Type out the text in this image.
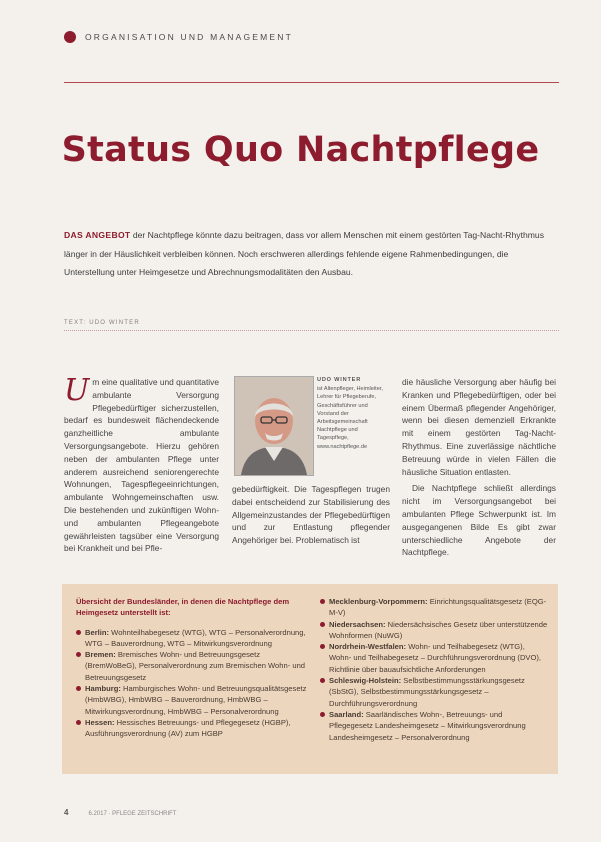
ORGANISATION UND MANAGEMENT
Status Quo Nachtpflege
DAS ANGEBOT der Nachtpflege könnte dazu beitragen, dass vor allem Menschen mit einem gestörten Tag-Nacht-Rhythmus länger in der Häuslichkeit verbleiben können. Noch erschweren allerdings fehlende eigene Rahmenbedingungen, die Unterstellung unter Heimgesetze und Abrechnungsmodalitäten den Ausbau.
TEXT: UDO WINTER
Um eine qualitative und quantitative ambulante Versorgung Pflegebedürftiger sicherzustellen, bedarf es bundesweit flächendeckende ganzheitliche ambulante Versorgungsangebote. Hierzu gehören neben der ambulanten Pflege unter anderem ausreichend seniorengerechte Wohnungen, Tagespflegeeinrichtungen, ambulante Wohngemeinschaften usw. Die bestehenden und zukünftigen Wohn- und ambulanten Pflegeangebote gewährleisten tagsüber eine Versorgung bei Krankheit und bei Pfle-
UDO WINTER
ist Altenpfleger, Heimleiter, Lehrer für Pflegeberufe, Geschäftsführer und Vorstand der Arbeitsgemeinschaft Nachtpflege und Tagespflege, www.nachtpflege.de
gebedürftigkeit. Die Tagespflegen trugen dabei entscheidend zur Stabilisierung des Allgemeinzustandes der Pflegebedürftigen und zur Entlastung pflegender Angehöriger bei. Problematisch ist
die häusliche Versorgung aber häufig bei Kranken und Pflegebedürftigen, oder bei einem Übermaß pflegender Angehöriger, wenn bei diesen demenziell Erkrankte mit einem gestörten Tag-Nacht-Rhythmus. Eine zuverlässige nächtliche Betreuung würde in vielen Fällen die häusliche Situation entlasten.
Die Nachtpflege schließt allerdings nicht im Versorgungsangebot bei ambulanten Pflege Schwerpunkt ist. Im ausgegangenen Bilde Es gibt zwar unterschiedliche Angebote der Nachtpflege.
Übersicht der Bundesländer, in denen die Nachtpflege dem Heimgesetz unterstellt ist:
Berlin: Wohnteilhabegesetz (WTG), WTG – Personalverordnung, WTG – Bauverordnung, WTG – Mitwirkungsverordnung
Bremen: Bremisches Wohn- und Betreuungsgesetz (BremWoBeG), Personalverordnung zum Bremischen Wohn- und Betreuungsgesetz
Hamburg: Hamburgisches Wohn- und Betreuungsqualitätsgesetz (HmbWBG), HmbWBG – Bauverordnung, HmbWBG – Mitwirkungsverordnung, HmbWBG – Personalverordnung
Hessen: Hessisches Betreuungs- und Pflegegesetz (HGBP), Ausführungsverordnung (AV) zum HGBP
Mecklenburg-Vorpommern: Einrichtungsqualitätsgesetz (EQG-M-V)
Niedersachsen: Niedersächsisches Gesetz über unterstützende Wohnformen (NuWG)
Nordrhein-Westfalen: Wohn- und Teilhabegesetz (WTG), Wohn- und Teilhabegesetz – Durchführungsverordnung (DVO), Richtlinie über bauaufsichtliche Anforderungen
Schleswig-Holstein: Selbstbestimmungsstärkungsgesetz (SbStG), Selbstbestimmungsstärkungsgesetz – Durchführungsverordnung
Saarland: Saarländisches Wohn-, Betreuungs- und Pflegegesetz Landesheimgesetz – Mitwirkungsverordnung Landesheimgesetz – Personalverordnung
4	6.2017 · PFLEGE ZEITSCHRIFT
